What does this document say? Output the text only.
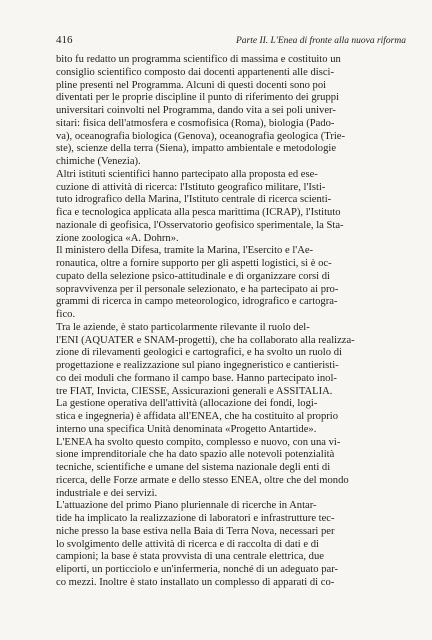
416	Parte II. L'Enea di fronte alla nuova riforma
bito fu redatto un programma scientifico di massima e costituito un
consiglio scientifico composto dai docenti appartenenti alle disci-
pline presenti nel Programma. Alcuni di questi docenti sono poi
diventati per le proprie discipline il punto di riferimento dei gruppi
universitari coinvolti nel Programma, dando vita a sei poli univer-
sitari: fisica dell'atmosfera e cosmofisica (Roma), biologia (Pado-
va), oceanografia biologica (Genova), oceanografia geologica (Trie-
ste), scienze della terra (Siena), impatto ambientale e metodologie
chimiche (Venezia).
Altri istituti scientifici hanno partecipato alla proposta ed ese-
cuzione di attività di ricerca: l'Istituto geografico militare, l'Isti-
tuto idrografico della Marina, l'Istituto centrale di ricerca scienti-
fica e tecnologica applicata alla pesca marittima (ICRAP), l'Istituto
nazionale di geofisica, l'Osservatorio geofisico sperimentale, la Sta-
zione zoologica «A. Dohrn».
Il ministero della Difesa, tramite la Marina, l'Esercito e l'Ae-
ronautica, oltre a fornire supporto per gli aspetti logistici, si è oc-
cupato della selezione psico-attitudinale e di organizzare corsi di
sopravvivenza per il personale selezionato, e ha partecipato ai pro-
grammi di ricerca in campo meteorologico, idrografico e cartogra-
fico.
Tra le aziende, è stato particolarmente rilevante il ruolo del-
l'ENI (AQUATER e SNAM-progetti), che ha collaborato alla realizza-
zione di rilevamenti geologici e cartografici, e ha svolto un ruolo di
progettazione e realizzazione sul piano ingegneristico e cantieristi-
co dei moduli che formano il campo base. Hanno partecipato inol-
tre FIAT, Invicta, CIESSE, Assicurazioni generali e ASSITALIA.
La gestione operativa dell'attività (allocazione dei fondi, logi-
stica e ingegneria) è affidata all'ENEA, che ha costituito al proprio
interno una specifica Unità denominata «Progetto Antartide».
L'ENEA ha svolto questo compito, complesso e nuovo, con una vi-
sione imprenditoriale che ha dato spazio alle notevoli potenzialità
tecniche, scientifiche e umane del sistema nazionale degli enti di
ricerca, delle Forze armate e dello stesso ENEA, oltre che del mondo
industriale e dei servizi.
L'attuazione del primo Piano pluriennale di ricerche in Antar-
tide ha implicato la realizzazione di laboratori e infrastrutture tec-
niche presso la base estiva nella Baia di Terra Nova, necessari per
lo svolgimento delle attività di ricerca e di raccolta di dati e di
campioni; la base è stata provvista di una centrale elettrica, due
eliporti, un porticciolo e un'infermeria, nonché di un adeguato par-
co mezzi. Inoltre è stato installato un complesso di apparati di co-
